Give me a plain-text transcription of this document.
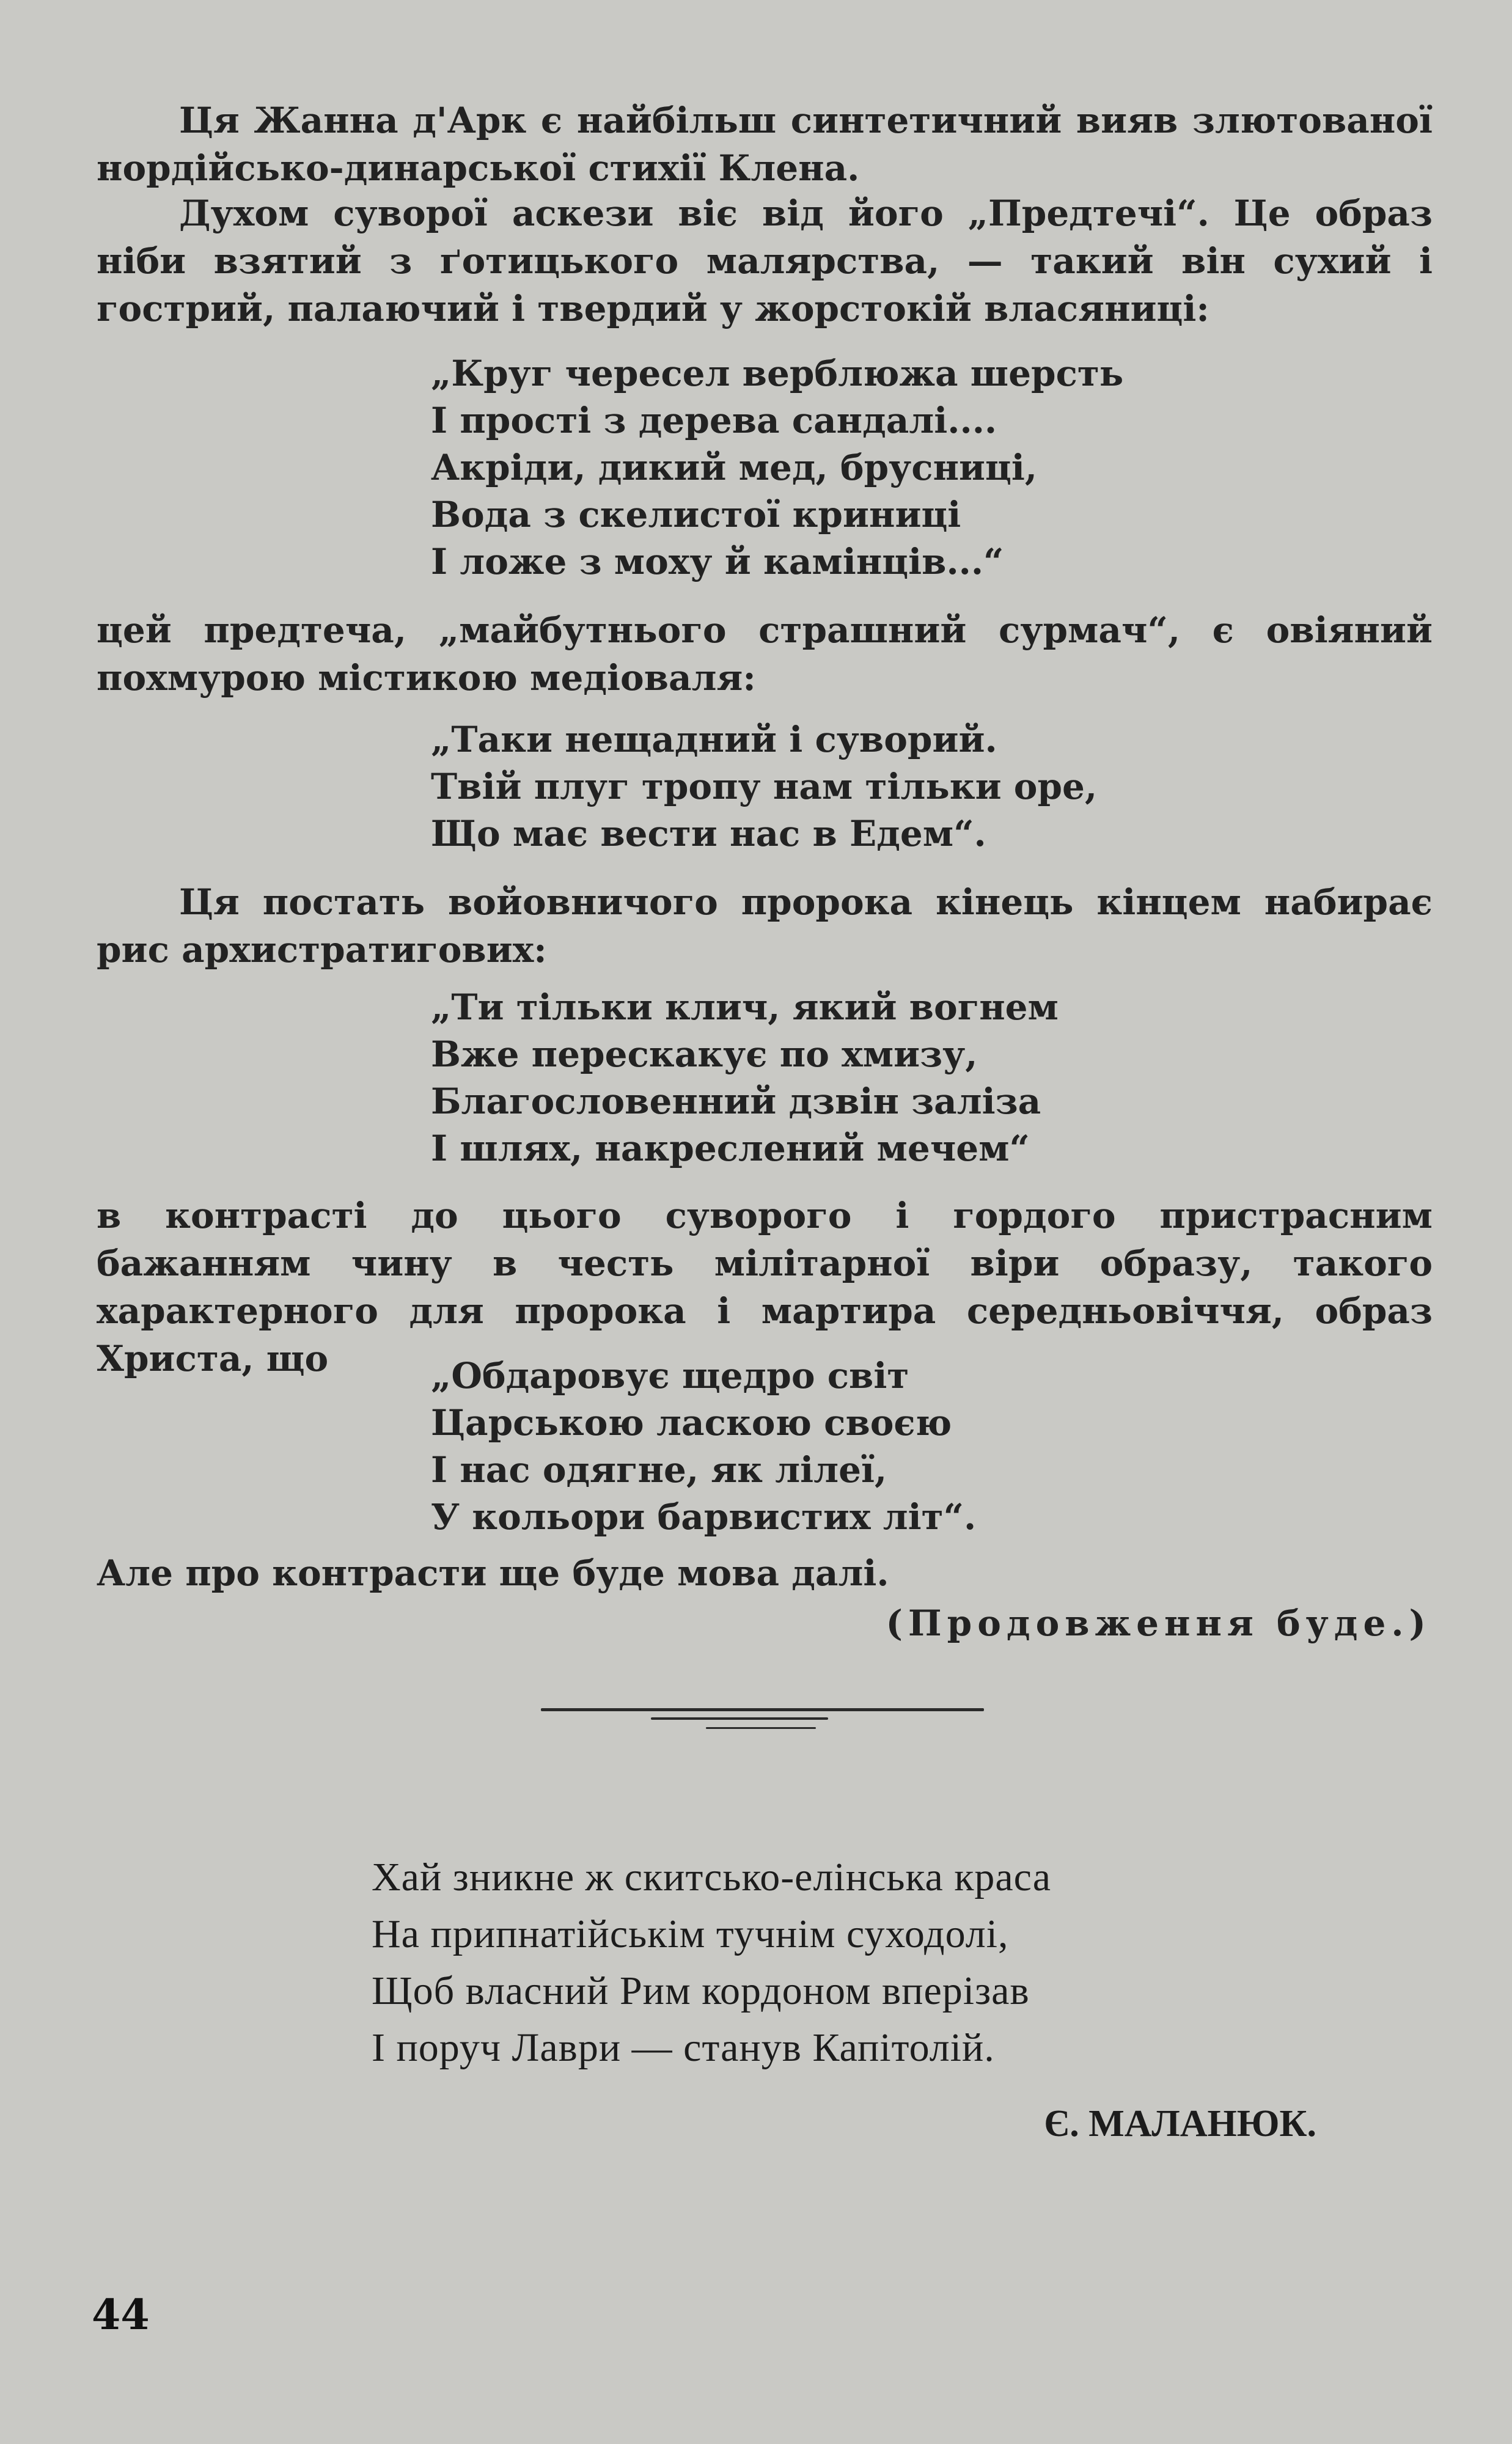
Ця Жанна д'Арк є найбільш синтетичний вияв злютованої нордійсько-динарської стихії Клена.

Духом суворої аскези віє від його „Предтечі“. Це образ ніби взятий з ґотицького малярства, — такий він сухий і гострий, палаючий і твердий у жорстокій власяниці:

„Круг чересел верблюжа шерсть
І прості з дерева сандалі....
Акріди, дикий мед, брусниці,
Вода з скелистої криниці
І ложе з моху й камінців...“

цей предтеча, „майбутнього страшний сурмач“, є овіяний похмурою містикою медіоваля:

„Таки нещадний і суворий.
Твій плуг тропу нам тільки оре,
Що має вести нас в Едем“.

Ця постать войовничого пророка кінець кінцем набирає рис архистратигових:

„Ти тільки клич, який вогнем
Вже перескакує по хмизу,
Благословенний дзвін заліза
І шлях, накреслений мечем“

в контрасті до цього суворого і гордого пристрасним бажанням чину в честь мілітарної віри образу, такого характерного для пророка і мартира середньовіччя, образ Христа, що	„Обдаровує щедро світ
Царською ласкою своєю
І нас одягне, як лілеї,
У кольори барвистих літ“.

Але про контрасти ще буде мова далі.

(Продовження буде.)

Хай зникне ж скитсько-елінська краса
На припнатійськім тучнім суходолі,
Щоб власний Рим кордоном вперізав
І поруч Лаври — станув Капітолій.

Є. МАЛАНЮК.

44
